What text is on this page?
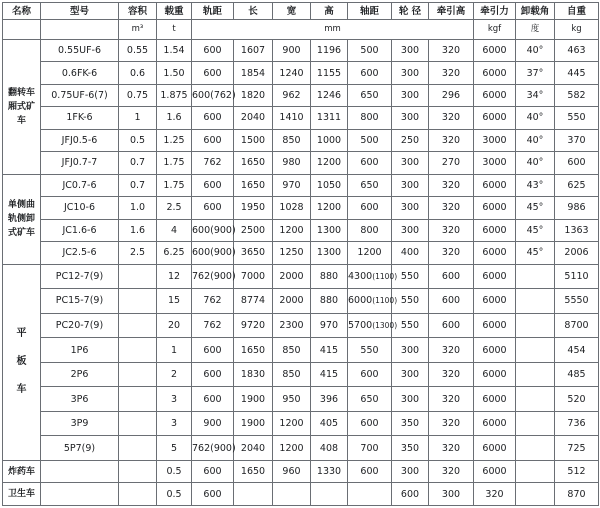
名称	型号	容积	载重	轨距	长	宽	高	轴距	轮 径	牵引高	牵引力	卸载角	自重
		m³	t	mm							kgf	度	kg
翻转车厢式矿车	0.55UF-6	0.55	1.54	600	1607	900	1196	500	300	320	6000	40°	463
	0.6FK-6	0.6	1.50	600	1854	1240	1155	600	300	320	6000	37°	445
	0.75UF-6(7)	0.75	1.875	600(762)	1820	962	1246	650	300	296	6000	34°	582
	1FK-6	1	1.6	600	2040	1410	1311	800	300	320	6000	40°	550
	JFJ0.5-6	0.5	1.25	600	1500	850	1000	500	250	320	3000	40°	370
	JFJ0.7-7	0.7	1.75	762	1650	980	1200	600	300	270	3000	40°	600
单侧曲轨侧卸式矿车	JC0.7-6	0.7	1.75	600	1650	970	1050	650	300	320	6000	43°	625
	JC10-6	1.0	2.5	600	1950	1028	1200	600	300	320	6000	45°	986
	JC1.6-6	1.6	4	600(900)	2500	1200	1300	800	300	320	6000	45°	1363
	JC2.5-6	2.5	6.25	600(900)	3650	1250	1300	1200	400	320	6000	45°	2006

平
板
车	PC12-7(9)		12	762(900)	7000	2000	880	4300(1100)	550	600	6000		5110
	PC15-7(9)		15	762	8774	2000	880	6000(1100)	550	600	6000		5550
	PC20-7(9)		20	762	9720	2300	970	5700(1300)	550	600	6000		8700
	1P6		1	600	1650	850	415	550	300	320	6000		454
	2P6		2	600	1830	850	415	600	300	320	6000		485
	3P6		3	600	1900	950	396	650	300	320	6000		520
	3P9		3	900	1900	1200	405	600	350	320	6000		736
	5P7(9)		5	762(900)	2040	1200	408	700	350	320	6000		725
炸药车			0.5	600	1650	960	1330	600	300	320	6000		512
卫生车			0.5	600					600	300	320		870
